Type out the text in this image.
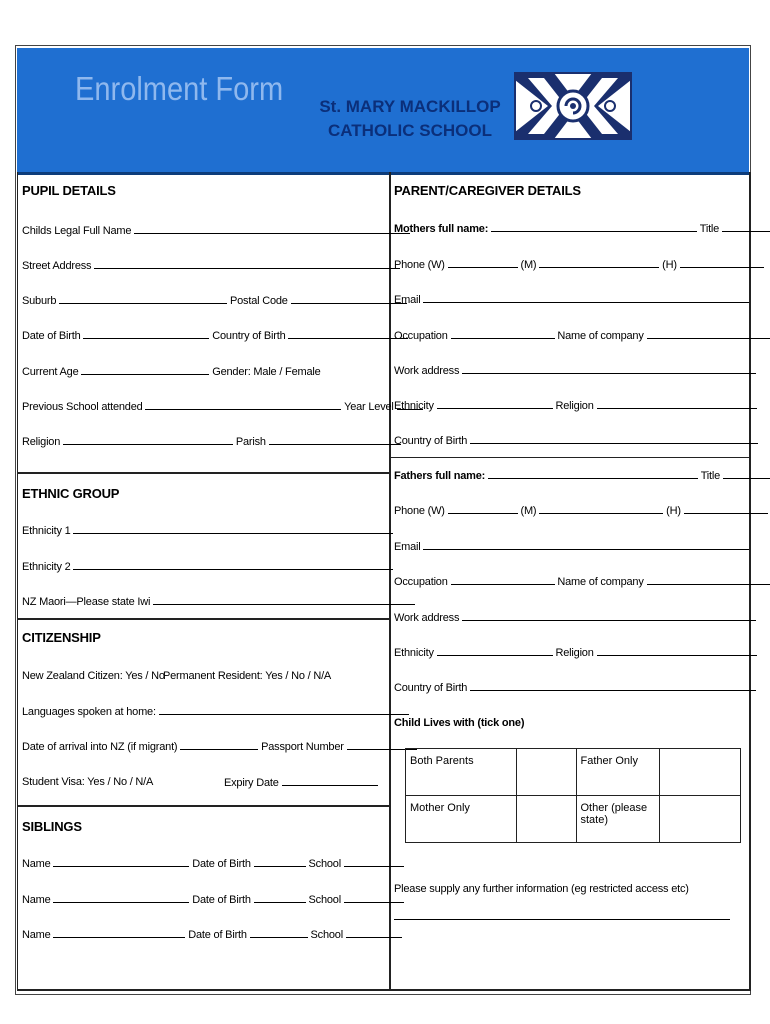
Enrolment Form	St. MARY MACKILLOP
CATHOLIC SCHOOL
PUPIL DETAILS
Childs Legal Full Name
Street Address
Suburb	Postal Code
Date of Birth	Country of Birth
Current Age	Gender: Male / Female
Previous School attended	Year Level
Religion	Parish
ETHNIC GROUP
Ethnicity 1
Ethnicity 2
NZ Maori—Please state Iwi
CITIZENSHIP
New Zealand Citizen: Yes / No
Permanent Resident: Yes / No / N/A
Languages spoken at home:
Date of arrival into NZ (if migrant)	Passport Number
Student Visa: Yes / No / N/A	Expiry Date
SIBLINGS
Name	Date of Birth	School
Name	Date of Birth	School
Name	Date of Birth	School
PARENT/CAREGIVER DETAILS
Mothers full name:	Title
Phone (W)	(M)	(H)
Email
Occupation	Name of company
Work address
Ethnicity	Religion
Country of Birth
Fathers full name:	Title
Phone (W)	(M)	(H)
Email
Occupation	Name of company
Work address
Ethnicity	Religion
Country of Birth
Child Lives with (tick one)
Both Parents		Father Only	
Mother Only		Other (please state)	
Please supply any further information (eg restricted access etc)
